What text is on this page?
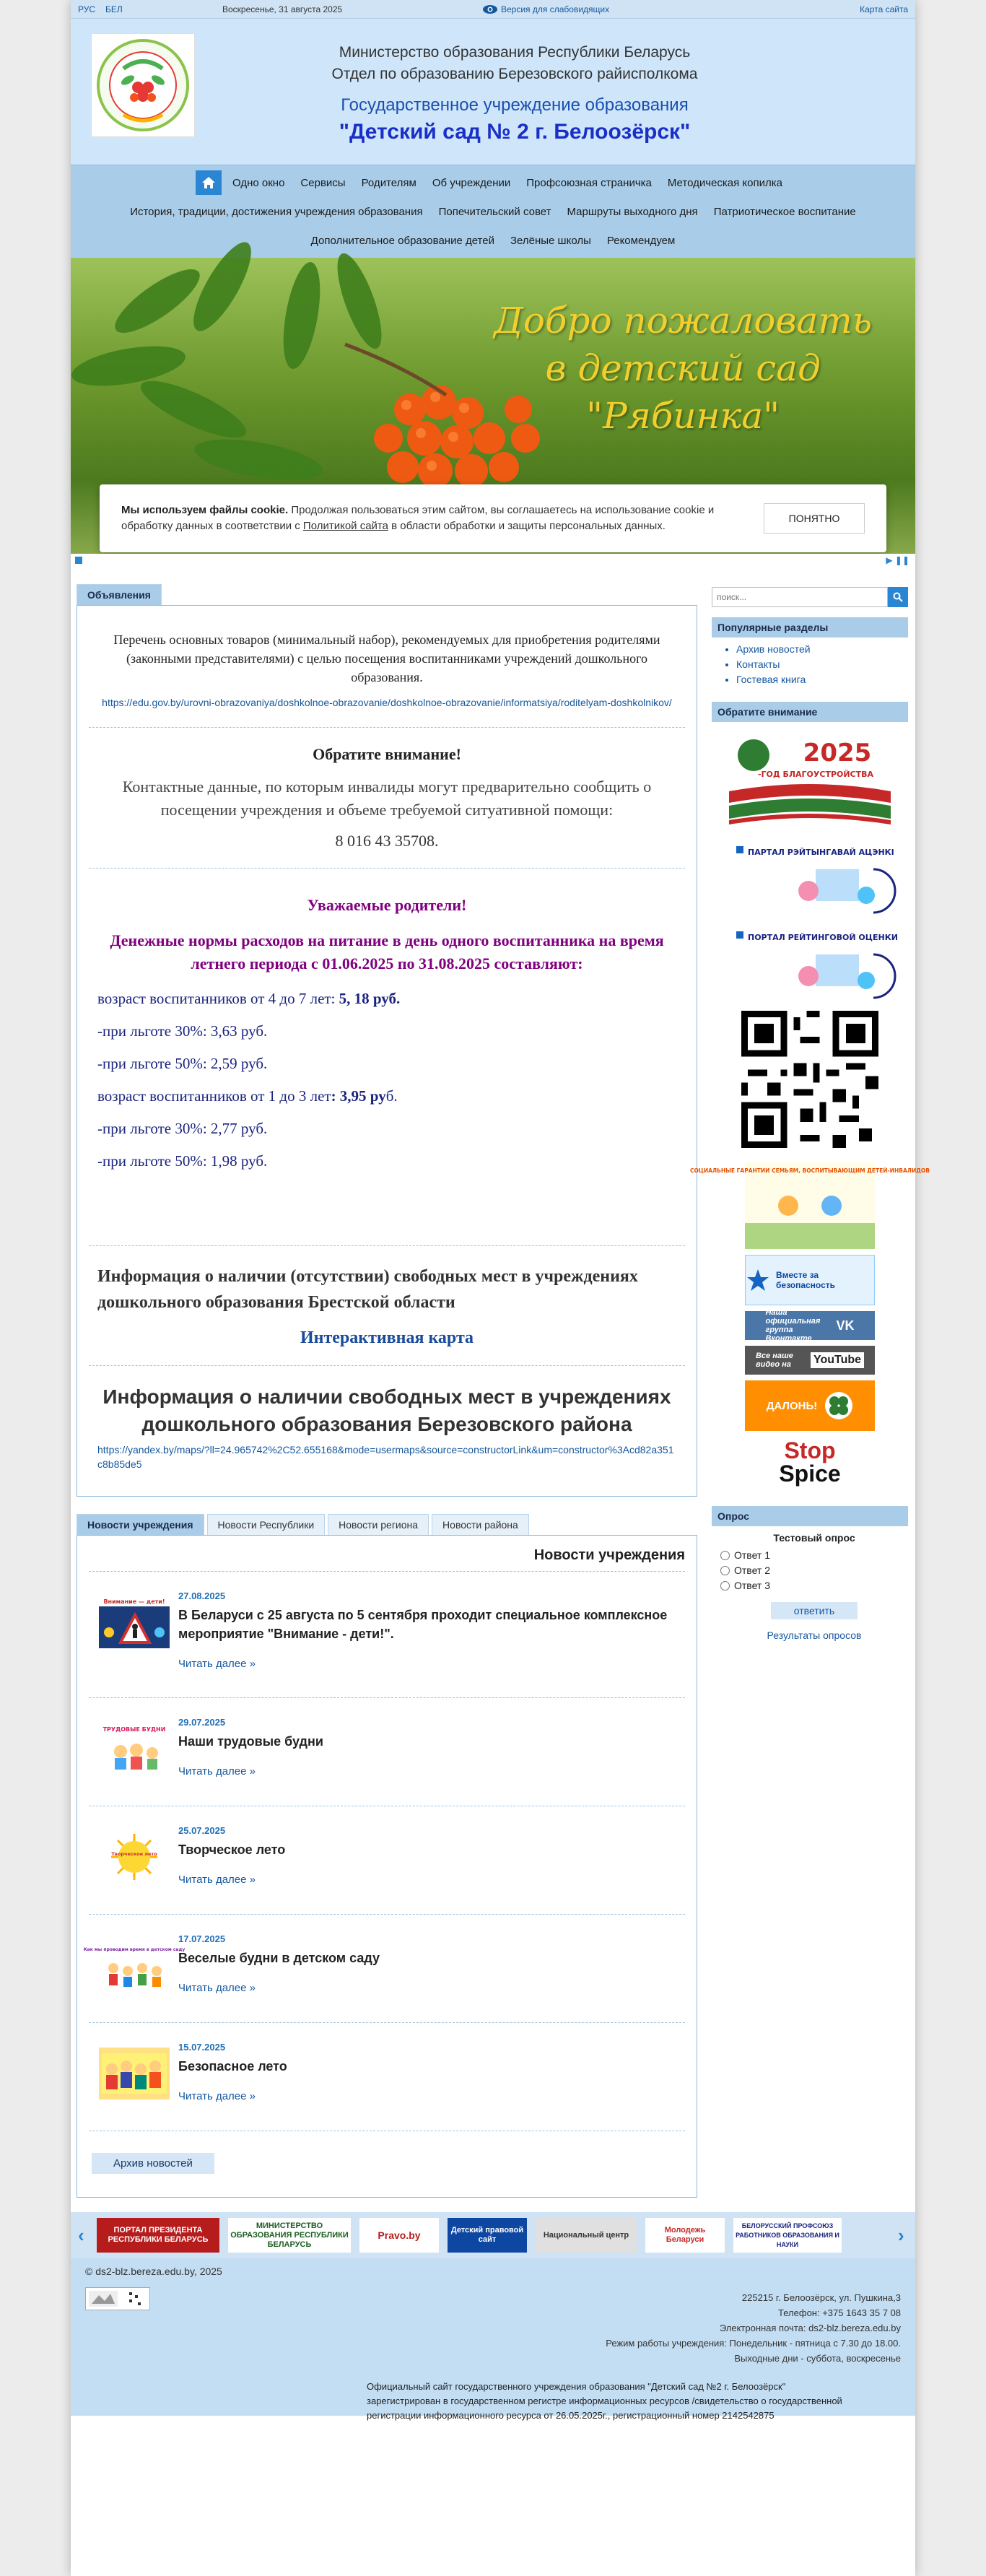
РУС БЕЛ	Воскресенье, 31 августа 2025	Версия для слабовидящих	Карта сайта
Министерство образования Республики Беларусь
Отдел по образованию Березовского райисполкома
Государственное учреждение образования
"Детский сад № 2 г. Белоозёрск"
Одно окно	Сервисы	Родителям	Об учреждении	Профсоюзная страничка	Методическая копилка
История, традиции, достижения учреждения образования	Попечительский совет	Маршруты выходного дня	Патриотическое воспитание
Дополнительное образование детей	Зелёные школы	Рекомендуем
Добро пожаловать
в детский сад
"Рябинка"
Мы используем файлы cookie. Продолжая пользоваться этим сайтом, вы соглашаетесь на использование cookie и обработку данных в соответствии с Политикой сайта в области обработки и защиты персональных данных.
ПОНЯТНО
▶ ❚❚
Объявления
Перечень основных товаров (минимальный набор), рекомендуемых для приобретения родителями (законными представителями) с целью посещения воспитанниками учреждений дошкольного образования.
https://edu.gov.by/urovni-obrazovaniya/doshkolnoe-obrazovanie/doshkolnoe-obrazovanie/informatsiya/roditelyam-doshkolnikov/
Обратите внимание!
Контактные данные, по которым инвалиды могут предварительно сообщить о посещении учреждения и объеме требуемой ситуативной помощи:
8 016 43 35708.
Уважаемые родители!
Денежные нормы расходов на питание в день одного воспитанника на время летнего периода с 01.06.2025 по 31.08.2025 составляют:
возраст воспитанников от 4 до 7 лет: 5, 18 руб.
-при льготе 30%: 3,63 руб.
-при льготе 50%: 2,59 руб.
возраст воспитанников от 1 до 3 лет: 3,95 руб.
-при льготе 30%: 2,77 руб.
-при льготе 50%: 1,98 руб.
Информация о наличии (отсутствии) свободных мест в учреждениях дошкольного образования Брестской области
Интерактивная карта
Информация о наличии свободных мест в учреждениях дошкольного образования Березовского района
https://yandex.by/maps/?ll=24.965742%2C52.655168&mode=usermaps&source=constructorLink&um=constructor%3Acd82a351c8b85de5
Новости учреждения	Новости Республики	Новости региона	Новости района
Новости учреждения
Внимание — дети!
27.08.2025
В Беларуси с 25 августа по 5 сентября проходит специальное комплексное мероприятие "Внимание - дети!".
Читать далее »
ТРУДОВЫЕ БУДНИ
29.07.2025
Наши трудовые будни
Читать далее »
Творческое лето
25.07.2025
Творческое лето
Читать далее »
Как мы проводим время в детском саду
17.07.2025
Веселые будни в детском саду
Читать далее »
15.07.2025
Безопасное лето
Читать далее »
Архив новостей
поиск...
Популярные разделы
• Архив новостей
• Контакты
• Гостевая книга
Обратите внимание
2025
-ГОД БЛАГОУСТРОЙСТВА
ПАРТАЛ РЭЙТЫНГАВАЙ АЦЭНКІ
ПОРТАЛ РЕЙТИНГОВОЙ ОЦЕНКИ
СОЦИАЛЬНЫЕ ГАРАНТИИ СЕМЬЯМ, ВОСПИТЫВАЮЩИМ ДЕТЕЙ-ИНВАЛИДОВ
Вместе за безопасность
Наша официальная группа Вконтакте
VK
Все наше видео на	YouTube
ДАЛОНЬ!
Stop
Spice
Опрос
Тестовый опрос
Ответ 1
Ответ 2
Ответ 3
ответить
Результаты опросов
‹	ПОРТАЛ ПРЕЗИДЕНТА РЕСПУБЛИКИ БЕЛАРУСЬ
МИНИСТЕРСТВО ОБРАЗОВАНИЯ РЕСПУБЛИКИ БЕЛАРУСЬ
Pravo.by	Детский правовой сайт
Национальный центр
Молодежь Беларуси
БЕЛОРУССКИЙ ПРОФСОЮЗ РАБОТНИКОВ ОБРАЗОВАНИЯ И НАУКИ	›
© ds2-blz.bereza.edu.by, 2025
225215 г. Белоозёрск, ул. Пушкина,3
Телефон: +375 1643 35 7 08
Электронная почта: ds2-blz.bereza.edu.by
Режим работы учреждения: Понедельник - пятница с 7.30 до 18.00.
Выходные дни - суббота, воскресенье
Официальный сайт государственного учреждения образования "Детский сад №2 г. Белоозёрск"
зарегистрирован в государственном регистре информационных ресурсов /свидетельство о государственной регистрации информационного ресурса от 26.05.2025г., регистрационный номер 2142542875
